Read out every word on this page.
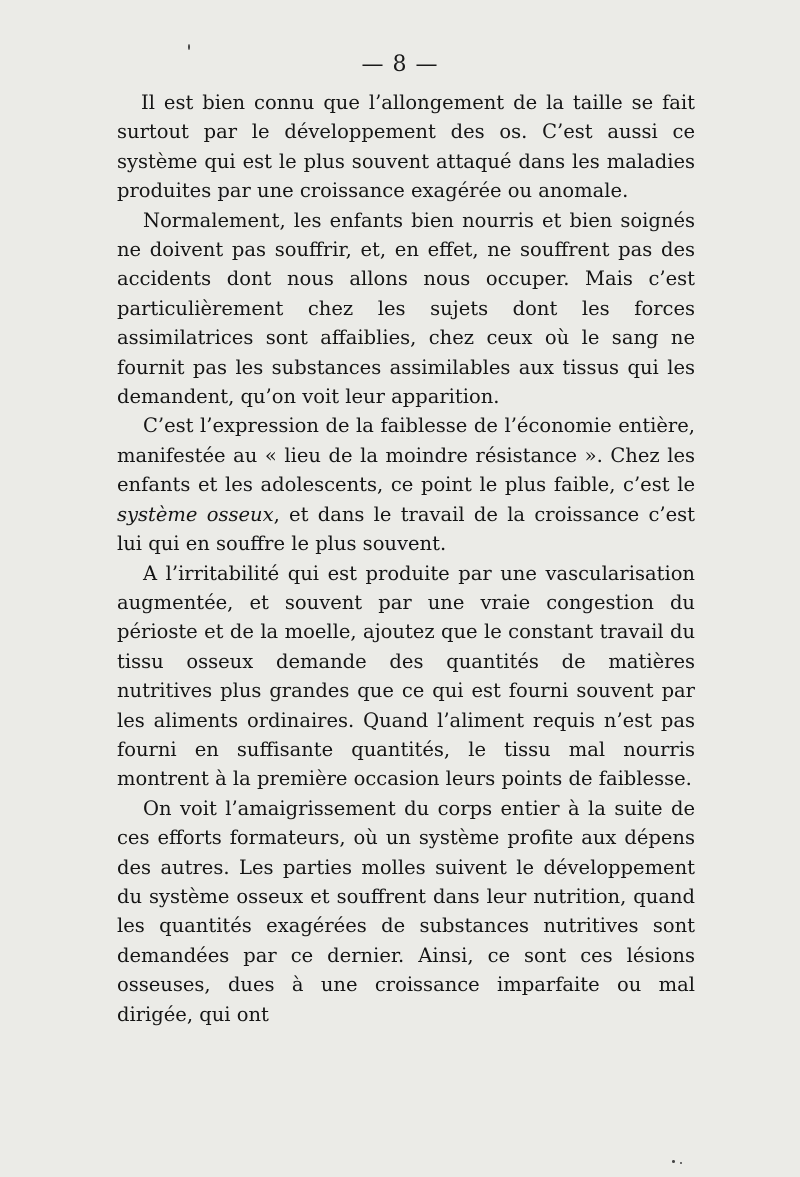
— 8 —

Il est bien connu que l’allongement de la taille se fait surtout par le développement des os. C’est aussi ce système qui est le plus souvent attaqué dans les maladies produites par une croissance exagérée ou anomale.

Normalement, les enfants bien nourris et bien soignés ne doivent pas souffrir, et, en effet, ne souffrent pas des accidents dont nous allons nous occuper. Mais c’est particulièrement chez les sujets dont les forces assimilatrices sont affaiblies, chez ceux où le sang ne fournit pas les substances assimilables aux tissus qui les demandent, qu’on voit leur apparition.

C’est l’expression de la faiblesse de l’économie entière, manifestée au « lieu de la moindre résistance ». Chez les enfants et les adolescents, ce point le plus faible, c’est le système osseux, et dans le travail de la croissance c’est lui qui en souffre le plus souvent.

A l’irritabilité qui est produite par une vascularisation augmentée, et souvent par une vraie congestion du périoste et de la moelle, ajoutez que le constant travail du tissu osseux demande des quantités de matières nutritives plus grandes que ce qui est fourni souvent par les aliments ordinaires. Quand l’aliment requis n’est pas fourni en suffisante quantités, le tissu mal nourris montrent à la première occasion leurs points de faiblesse.

On voit l’amaigrissement du corps entier à la suite de ces efforts formateurs, où un système profite aux dépens des autres. Les parties molles suivent le développement du système osseux et souffrent dans leur nutrition, quand les quantités exagérées de substances nutritives sont demandées par ce dernier. Ainsi, ce sont ces lésions osseuses, dues à une croissance imparfaite ou mal dirigée, qui ont
